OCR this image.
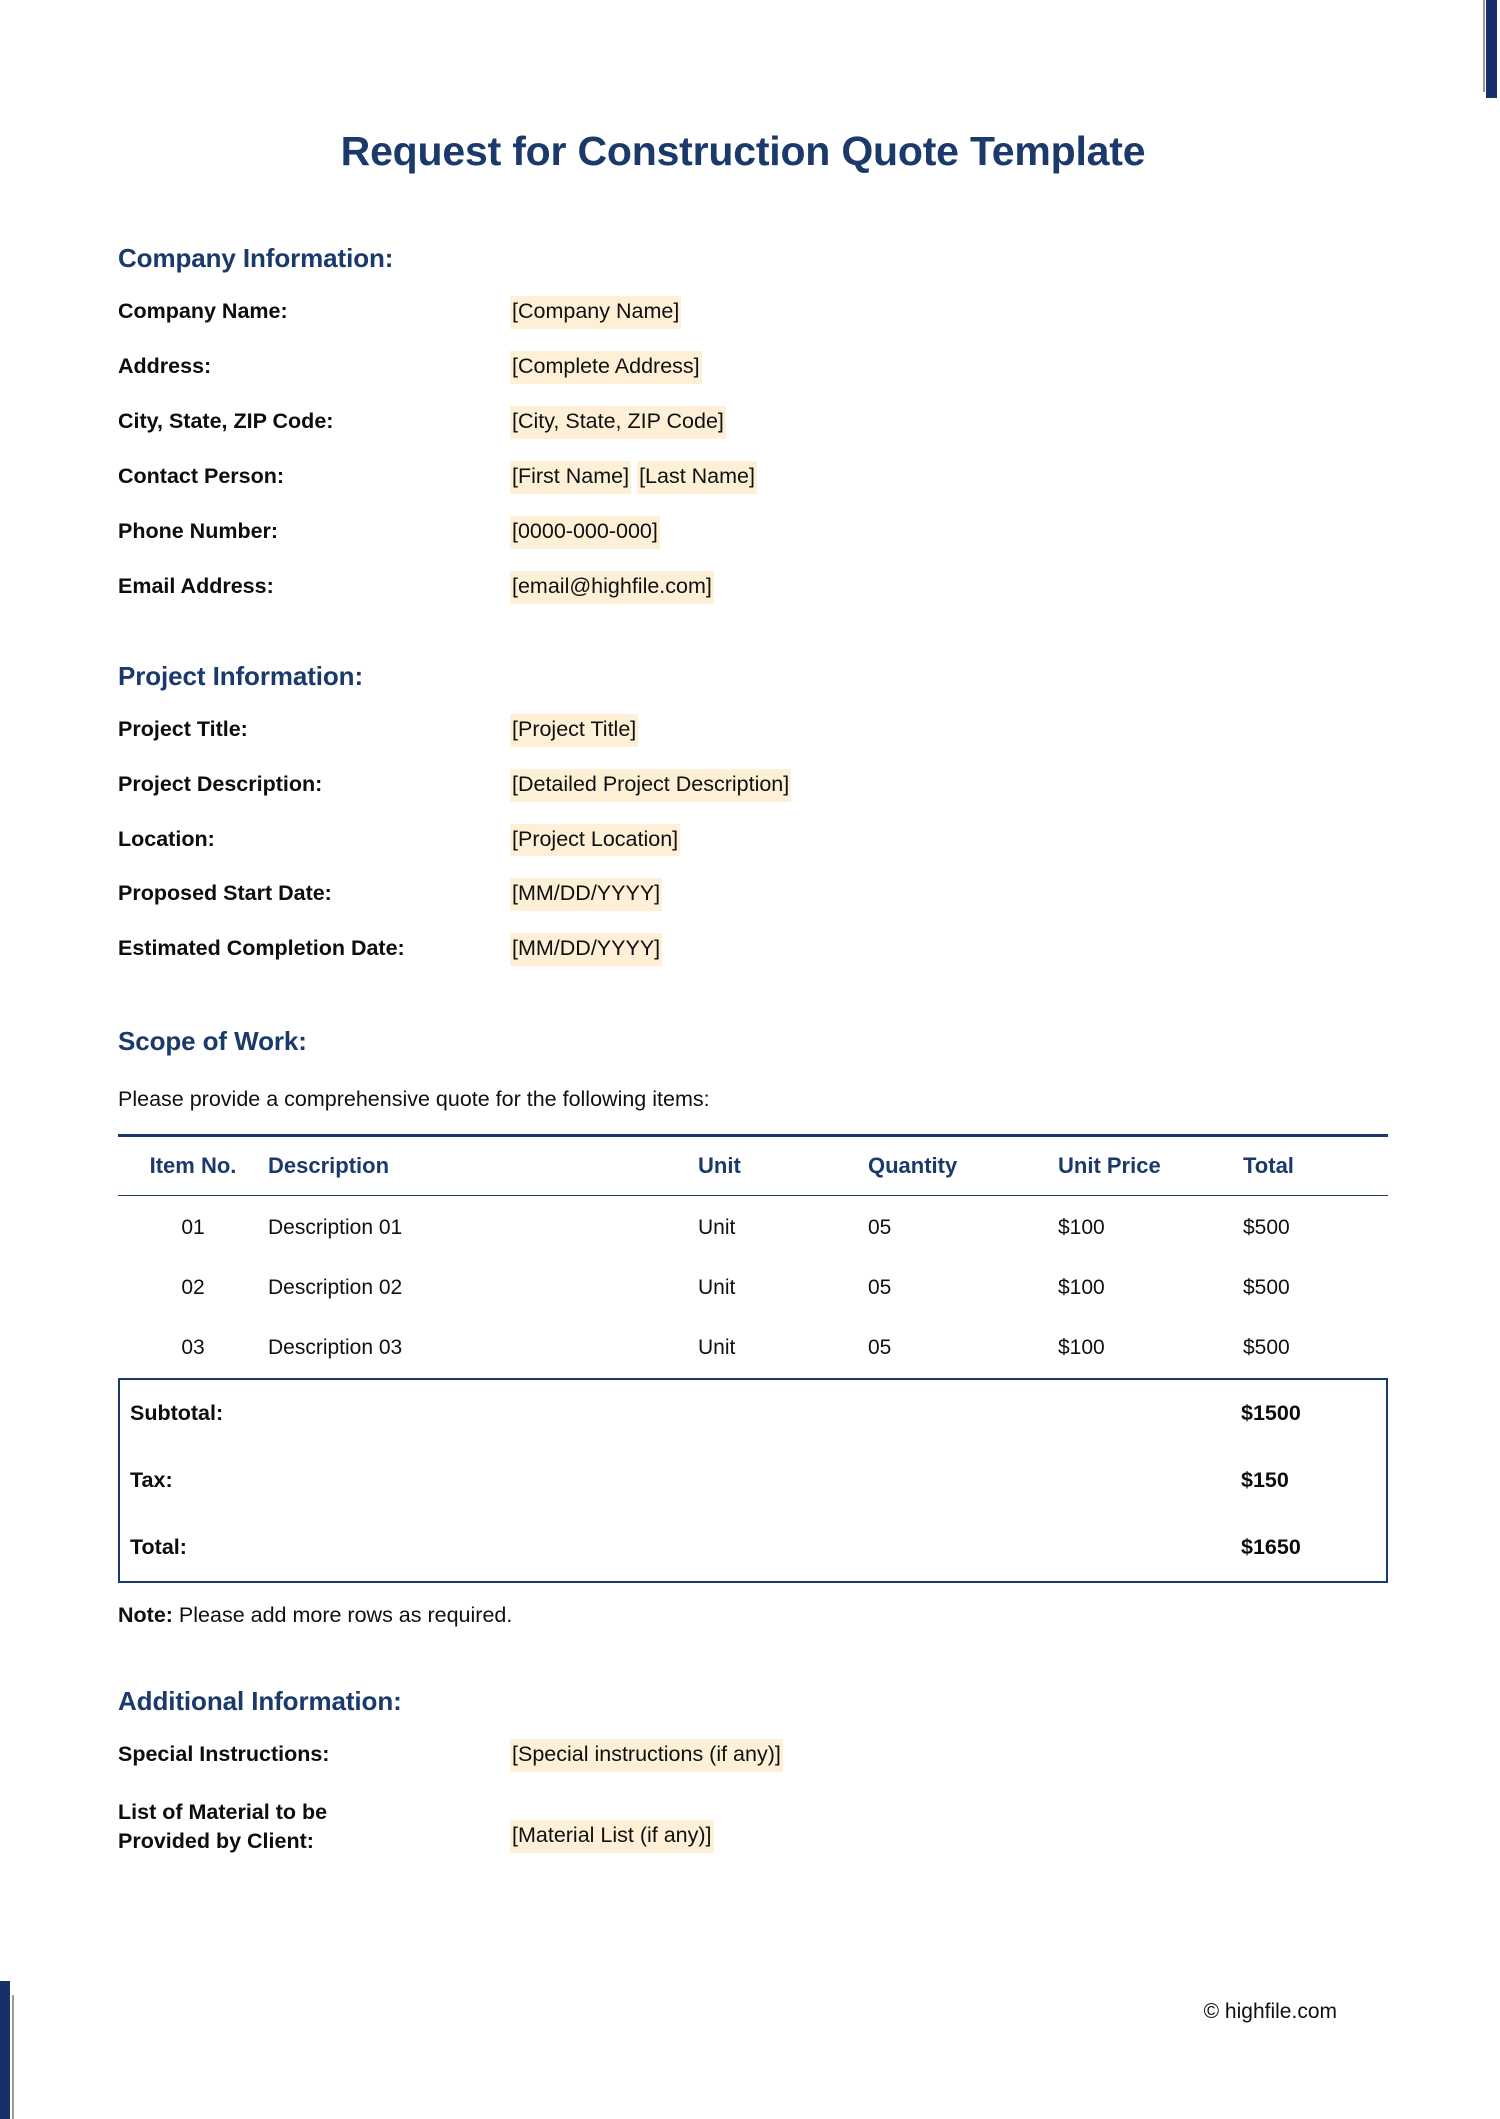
Request for Construction Quote Template
Company Information:
Company Name:	[Company Name]
Address:	[Complete Address]
City, State, ZIP Code:	[City, State, ZIP Code]
Contact Person:	[First Name] [Last Name]
Phone Number:	[0000-000-000]
Email Address:	[email@highfile.com]
Project Information:
Project Title:	[Project Title]
Project Description:	[Detailed Project Description]
Location:	[Project Location]
Proposed Start Date:	[MM/DD/YYYY]
Estimated Completion Date:	[MM/DD/YYYY]
Scope of Work:
Please provide a comprehensive quote for the following items:
Item No.	Description	Unit	Quantity	Unit Price	Total
01	Description 01	Unit	05	$100	$500
02	Description 02	Unit	05	$100	$500
03	Description 03	Unit	05	$100	$500
Subtotal:	$1500
Tax:	$150
Total:	$1650
Note: Please add more rows as required.
Additional Information:
Special Instructions:	[Special instructions (if any)]
List of Material to be
Provided by Client:	[Material List (if any)]
© highfile.com
